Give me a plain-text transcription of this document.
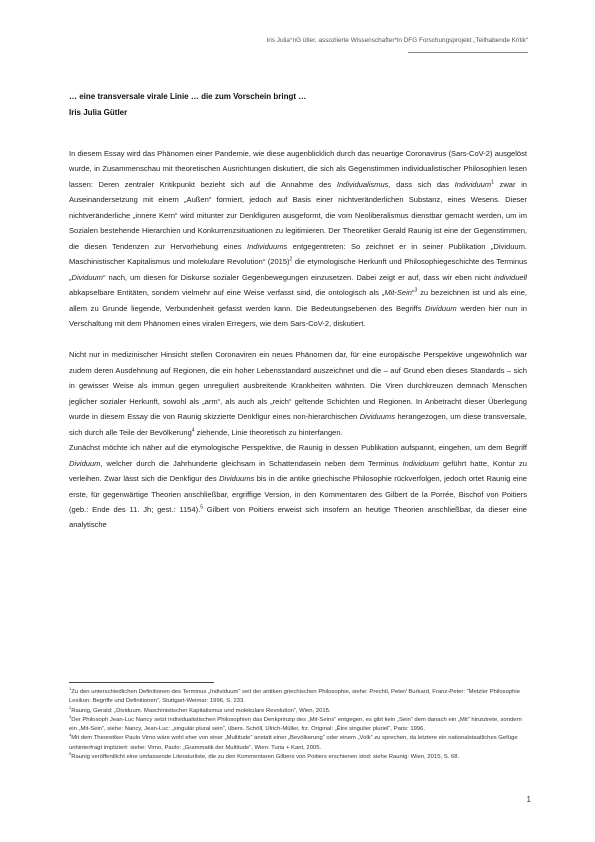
Iris Julia°nG ütler, assoziierte Wissenschafter*in DFG Forschungsprojekt „Teilhabende Kritik“
… eine transversale virale Linie … die zum Vorschein bringt …
Iris Julia Gütler

In diesem Essay wird das Phänomen einer Pandemie, wie diese augenblicklich durch das neuartige Coronavirus (Sars-CoV-2) ausgelöst wurde, in Zusammenschau mit theoretischen Ausrichtungen diskutiert, die sich als Gegenstimmen individualistischer Philosophien lesen lassen: Deren zentraler Kritikpunkt bezieht sich auf die Annahme des Individualismus, dass sich das Individuum$^1$ zwar in Auseinandersetzung mit einem „Außen“ formiert, jedoch auf Basis einer nichtveränderlichen Substanz, eines Wesens. Dieser nichtveränderliche „innere Kern“ wird mitunter zur Denkfiguren ausgeformt, die vom Neoliberalismus dienstbar gemacht werden, um im Sozialen bestehende Hierarchien und Konkurrenzsituationen zu legitimieren. Der Theoretiker Gerald Raunig ist eine der Gegenstimmen, die diesen Tendenzen zur Hervorhebung eines Individuums entgegentreten: So zeichnet er in seiner Publikation „Dividuum. Maschinistischer Kapitalismus und molekulare Revolution“ $(2015)^2$ die etymologische Herkunft und Philosophiegeschichte des Terminus „Dividuum“ nach, um diesen für Diskurse sozialer Gegenbewegungen einzusetzen. Dabei zeigt er auf, dass wir eben nicht individuell abkapselbare Entitäten, sondern vielmehr auf eine Weise verfasst sind, die ontologisch als „Mit-Sein“$^3$ zu bezeichnen ist und als eine, allem zu Grunde liegende, Verbundenheit gefasst werden kann. Die Bedeutungsebenen des Begriffs Dividuum werden hier nun in Verschaltung mit dem Phänomen eines viralen Erregers, wie dem Sars-CoV-2, diskutiert.

Nicht nur in medizinischer Hinsicht stellen Coronaviren ein neues Phänomen dar, für eine europäische Perspektive ungewöhnlich war zudem deren Ausdehnung auf Regionen, die ein hoher Lebensstandard auszeichnet und die – auf Grund eben dieses Standards – sich in gewisser Weise als immun gegen unreguliert ausbreitende Krankheiten wähnten. Die Viren durchkreuzen demnach Menschen jeglicher sozialer Herkunft, sowohl als „arm“, als auch als „reich“ geltende Schichten und Regionen. In Anbetracht dieser Überlegung wurde in diesem Essay die von Raunig skizzierte Denkfigur eines non-hierarchischen Dividuums herangezogen, um diese transversale, sich durch alle Teile der Bevölkerung$^4$ ziehende, Linie theoretisch zu hinterfangen.

Zunächst möchte ich näher auf die etymologische Perspektive, die Raunig in dessen Publikation aufspannt, eingehen, um dem Begriff Dividuum, welcher durch die Jahrhunderte gleichsam in Schattendasein neben dem Terminus Individuum geführt hatte, Kontur zu verleihen. Zwar lässt sich die Denkfigur des Dividuums bis in die antike griechische Philosophie rückverfolgen, jedoch ortet Raunig eine erste, für gegenwärtige Theorien anschließbar, ergriffige Version, in den Kommentaren des Gilbert de la Porrée, Bischof von Poitiers (geb.: Ende des 11. Jh; gest.: 1154).$^5$ Gilbert von Poitiers erweist sich insofern an heutige Theorien anschließbar, da dieser eine analytische

$^1$Zu den unterschiedlichen Definitionen des Terminus „Individuum“ seit der antiken griechischen Philosophie, siehe: Prechtl, Peter/ Burkard, Franz-Peter: “Metzler Philosophie Lexikon: Begriffe und Definitionen”, Stuttgart-Weimar: 1996, S. 233.
$^2$Raunig, Gerald: „Dividuum. Maschinistischer Kapitalismus und molekulare Revolution“, Wien, 2015.
$^3$Der Philosoph Jean-Luc Nancy setzt individualistischen Philosophien das Denkprinzip des „Mit-Seins“ entgegen, es gibt kein „Sein“ dem danach ein „Mit“ hinzutrete, sondern ein „Mit-Sein“, siehe: Nancy, Jean-Luc: „singulär plural sein“, übers. Schöll, Ulrich-Müller, frz. Original: „Être singulier pluriel“, Paris: 1996.
$^4$Mit dem Theoretiker Paulo Virno wäre wohl eher von einer „Multitude“ anstatt einer „Bevölkerung“ oder einem „Volk“ zu sprechen, da letztere ein nationalstaatliches Gefüge unhinterfragt impliziert: siehe: Virno, Paolo: „Grammatik der Multitude“, Wien: Turia + Kant, 2005.
$^5$Raunig veröffentlicht eine umfassende Literaturliste, die zu den Kommentaren Gilbers von Poitiers erschienen sind: siehe Raunig: Wien, 2015, S. 68.
1
